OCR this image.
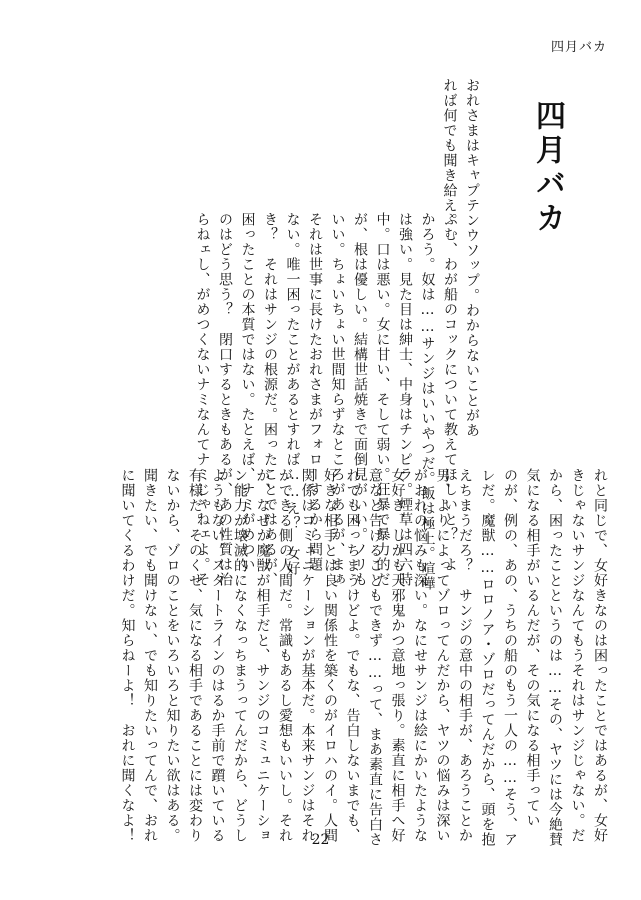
四月バカ
四月バカ
おれさまはキャプテンウソップ。わからないことがあ
れば何でも聞き給え。
ふむ、わが船のコックについて教えてほしいと？　よ
かろう。奴は……サンジはいいやつだ。飯は極上。喧嘩
は強い。見た目は紳士、中身はチンピラ。煙草は四六時
中。口は悪い。女に甘い、そして弱い。狂暴で暴力的だ
が、根は優しい。結構世話焼きで面倒見がいい。ノリも
いい。ちょいちょい世間知らずなところがあるが、まぁ
それは世事に長けたおれさまがフォローするから問題
ない。唯一困ったことがあるとすれば……え？　女好
き？　それはサンジの根源だ。困ったことではあるが、
困ったことの本質ではない。たとえば、ナミがめつい
のはどう思う？　閉口するときもあるが、あの性質は治
らねェし、がめつくないナミなんてナミじゃねェよ。そ
れと同じで、女好きなのは困ったことではあるが、女好
きじゃないサンジなんてもうそれはサンジじゃない。だ
から、困ったことというのは……その、ヤツには今絶賛
気になる相手がいるんだが、その気になる相手ってい
のが、例の、あの、うちの船のもう一人の……そう、ア
レだ。魔獣……ロロノア・ゾロだってんだから、頭を抱
えちまうだろ？　サンジの意中の相手が、あろうことか
男、よりによってゾロってんだから、ヤツの悩みは深い
がおれの悩みも深い。なにせサンジは絵にかいたような
女好き、しかも天邪鬼かつ意地っ張り。素直に相手へ好
意など告げることもできず……って、まあ素直に告白さ
れても困っちまうけどよ。でもな、告白しないまでも、
好きな相手とは良い関係性を築くのがイロハのイ。人間
関係はコミュニケーションが基本だ。本来サンジはそれ
ができる側の人間だ。常識もあるし愛想もいいし。それ
が、なぜか魔獣が相手だと、サンジのコミュニケーショ
ン能力が壊滅的になくなっちまうってんだから、どうし
ようもない。スタートラインのはるか手前で躓いている
有様だ。そのくせ、気になる相手であることには変わり
ないから、ゾロのことをいろいろと知りたい欲はある。
聞きたい、でも聞けない、でも知りたいってんで、おれ
に聞いてくるわけだ。知らねーよ！　おれに聞くなよ！	22
